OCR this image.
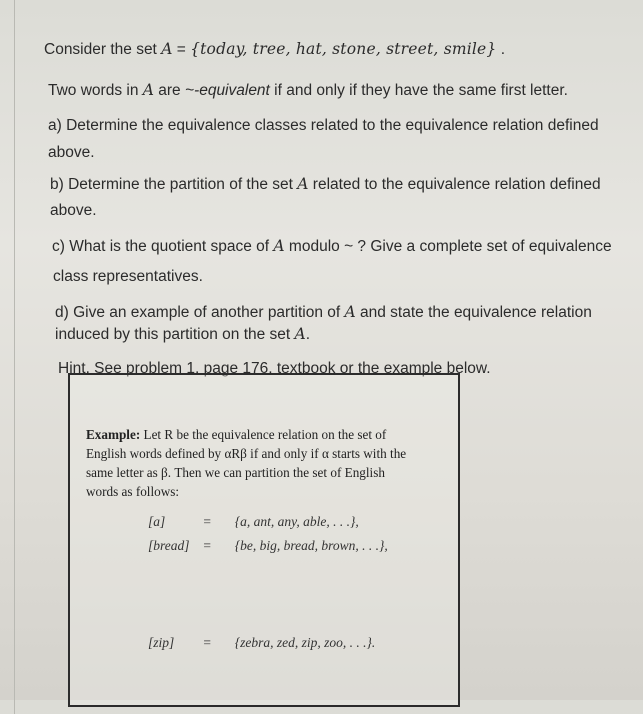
Consider the set A = {today, tree, hat, stone, street, smile} .
Two words in A are ~-equivalent if and only if they have the same first letter.
a) Determine the equivalence classes related to the equivalence relation defined
above.
b) Determine the partition of the set A related to the equivalence relation defined
above.
c) What is the quotient space of A modulo ~ ? Give a complete set of equivalence
class representatives.
d) Give an example of another partition of A and state the equivalence relation
induced by this partition on the set A.
Hint. See problem 1, page 176, textbook or the example below.
Example: Let R be the equivalence relation on the set of
English words defined by αRβ if and only if α starts with the
same letter as β. Then we can partition the set of English
words as follows:
[a]	= {a, ant, any, able, . . .},
[bread] = {be, big, bread, brown, . . .},
[zip] = {zebra, zed, zip, zoo, . . .}.
